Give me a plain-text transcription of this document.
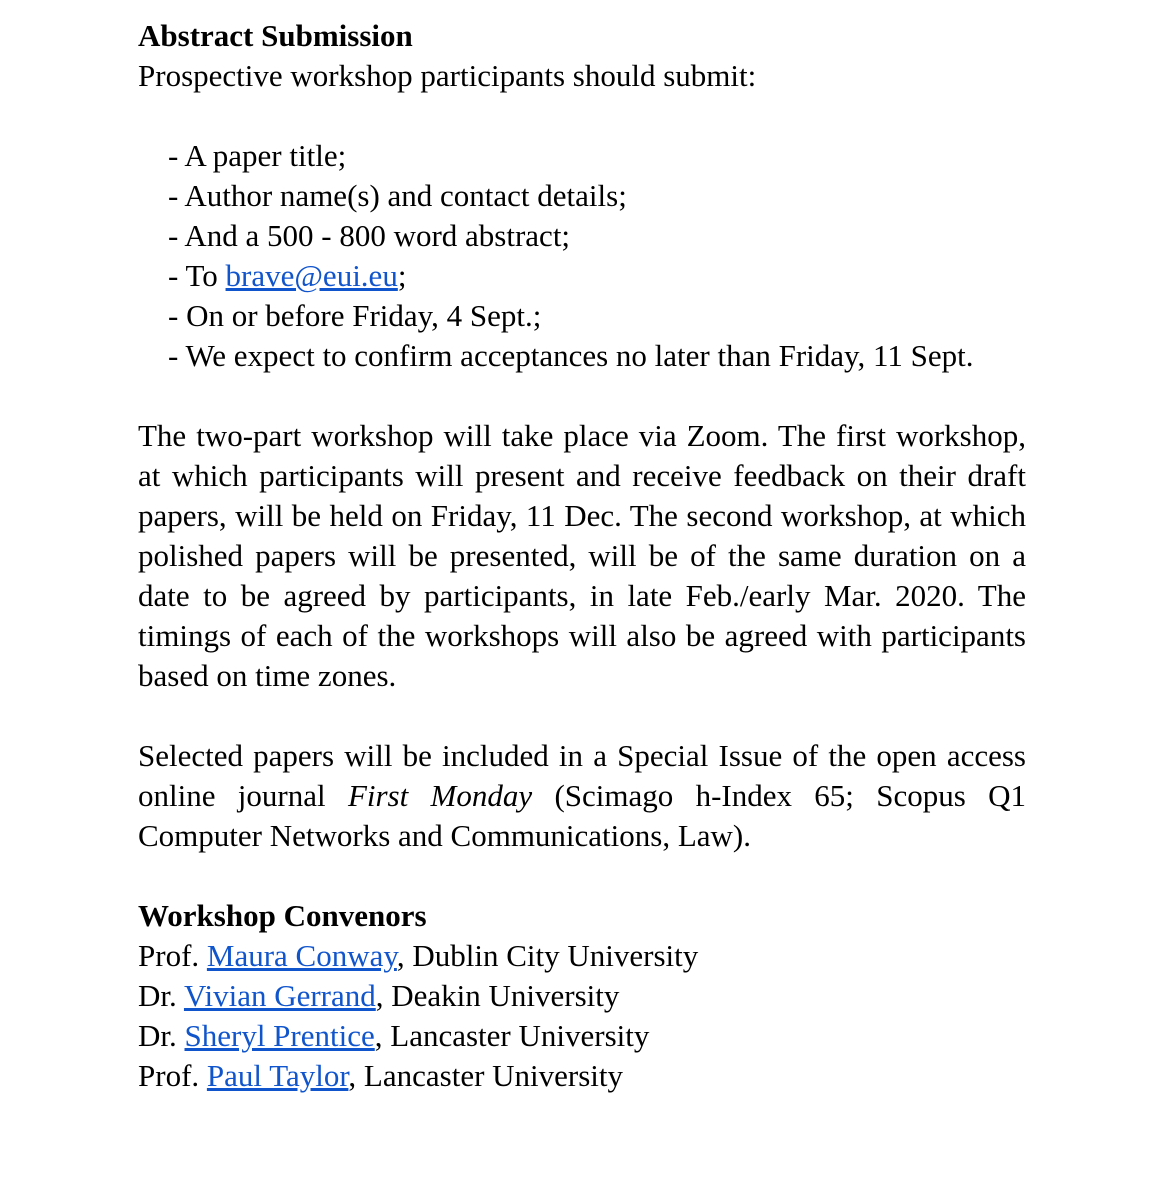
Abstract Submission
Prospective workshop participants should submit:
- A paper title;
- Author name(s) and contact details;
- And a 500 - 800 word abstract;
- To brave@eui.eu;
- On or before Friday, 4 Sept.;
- We expect to confirm acceptances no later than Friday, 11 Sept.
The two-part workshop will take place via Zoom. The first workshop, at which participants will present and receive feedback on their draft papers, will be held on Friday, 11 Dec. The second workshop, at which polished papers will be presented, will be of the same duration on a date to be agreed by participants, in late Feb./early Mar. 2020. The timings of each of the workshops will also be agreed with participants based on time zones.
Selected papers will be included in a Special Issue of the open access online journal First Monday (Scimago h-Index 65; Scopus Q1 Computer Networks and Communications, Law).
Workshop Convenors
Prof. Maura Conway, Dublin City University
Dr. Vivian Gerrand, Deakin University
Dr. Sheryl Prentice, Lancaster University
Prof. Paul Taylor, Lancaster University
